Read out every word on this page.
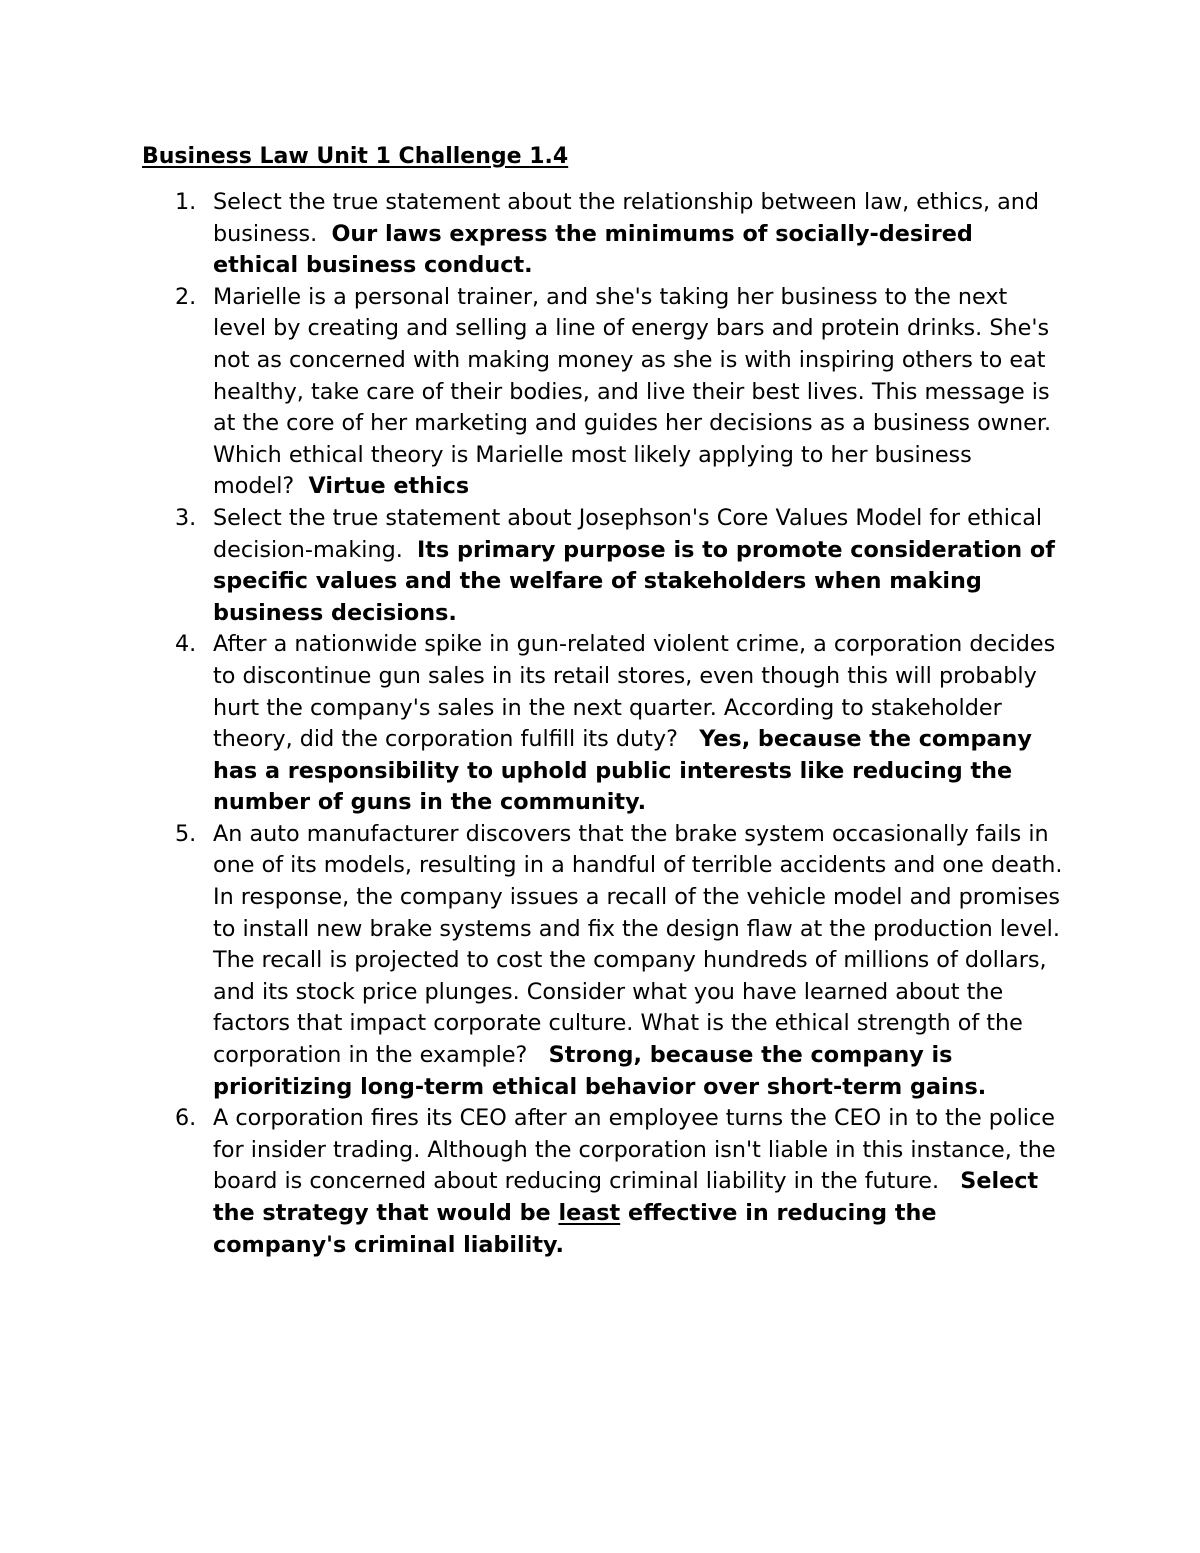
Business Law Unit 1 Challenge 1.4
1. Select the true statement about the relationship between law, ethics, and business. Our laws express the minimums of socially-desired ethical business conduct.
2. Marielle is a personal trainer, and she's taking her business to the next level by creating and selling a line of energy bars and protein drinks. She's not as concerned with making money as she is with inspiring others to eat healthy, take care of their bodies, and live their best lives. This message is at the core of her marketing and guides her decisions as a business owner. Which ethical theory is Marielle most likely applying to her business model? Virtue ethics
3. Select the true statement about Josephson's Core Values Model for ethical decision-making. Its primary purpose is to promote consideration of specific values and the welfare of stakeholders when making business decisions.
4. After a nationwide spike in gun-related violent crime, a corporation decides to discontinue gun sales in its retail stores, even though this will probably hurt the company's sales in the next quarter. According to stakeholder theory, did the corporation fulfill its duty? Yes, because the company has a responsibility to uphold public interests like reducing the number of guns in the community.
5. An auto manufacturer discovers that the brake system occasionally fails in one of its models, resulting in a handful of terrible accidents and one death. In response, the company issues a recall of the vehicle model and promises to install new brake systems and fix the design flaw at the production level. The recall is projected to cost the company hundreds of millions of dollars, and its stock price plunges. Consider what you have learned about the factors that impact corporate culture. What is the ethical strength of the corporation in the example? Strong, because the company is prioritizing long-term ethical behavior over short-term gains.
6. A corporation fires its CEO after an employee turns the CEO in to the police for insider trading. Although the corporation isn't liable in this instance, the board is concerned about reducing criminal liability in the future. Select the strategy that would be least effective in reducing the company's criminal liability.
